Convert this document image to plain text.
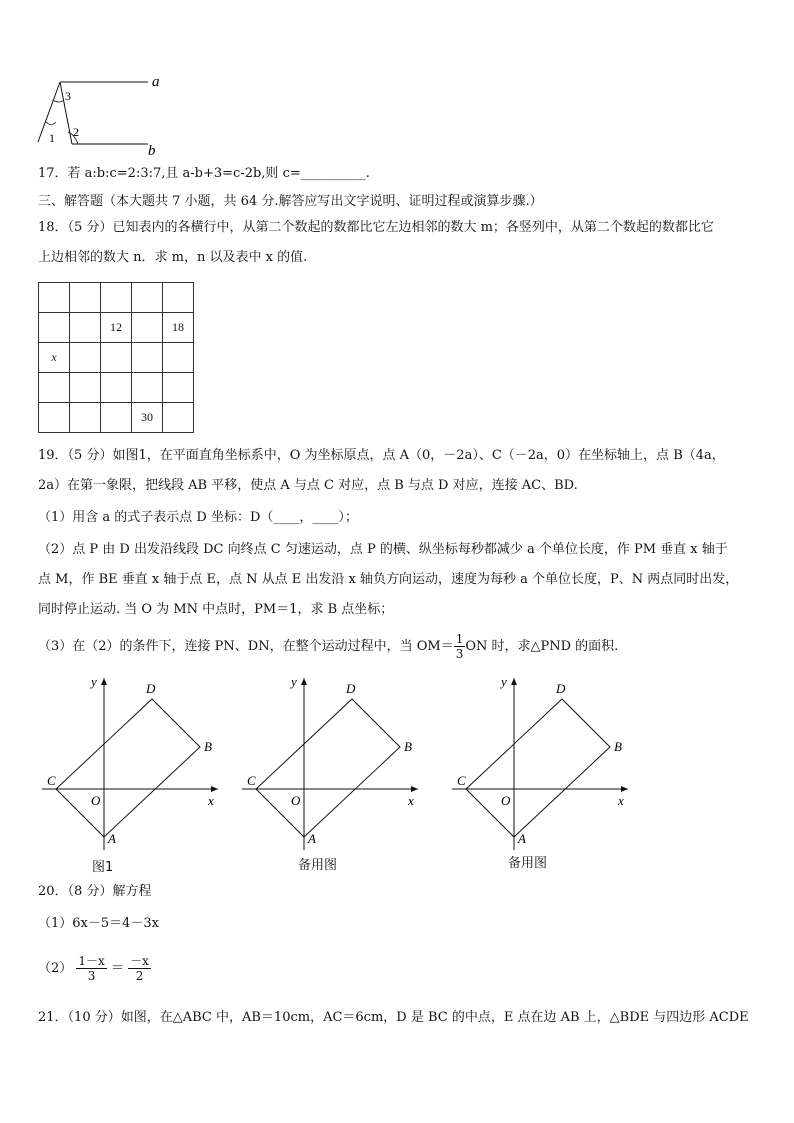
a
b
3
1 2
17．若 a:b:c=2:3:7,且 a-b+3=c-2b,则 c=__________.
三、解答题（本大题共 7 小题，共 64 分.解答应写出文字说明、证明过程或演算步骤.）
18．（5 分）已知表内的各横行中，从第二个数起的数都比它左边相邻的数大 m；各竖列中，从第二个数起的数都比它
上边相邻的数大 n．求 m，n 以及表中 x 的值.

		12		18
x				

			30	
19．（5 分）如图1，在平面直角坐标系中，O 为坐标原点，点 A（0，－2a）、C（－2a，0）在坐标轴上，点 B（4a，
2a）在第一象限，把线段 AB 平移，使点 A 与点 C 对应，点 B 与点 D 对应，连接 AC、BD.
（1）用含 a 的式子表示点 D 坐标：D（____，____）；
（2）点 P 由 D 出发沿线段 DC 向终点 C 匀速运动，点 P 的横、纵坐标每秒都减少 a 个单位长度，作 PM 垂直 x 轴于
点 M，作 BE 垂直 x 轴于点 E，点 N 从点 E 出发沿 x 轴负方向运动，速度为每秒 a 个单位长度，P、N 两点同时出发，
同时停止运动. 当 O 为 MN 中点时，PM＝1，求 B 点坐标；
（3）在（2）的条件下，连接 PN、DN，在整个运动过程中，当 $OM= \frac{1}{3}$ ON 时，求△PND 的面积.
x
y
O
A
B
C
D
x
y
O
A
B
C
D
x
y
O
A
B
C
D
图1	备用图	备用图
20．（8 分）解方程
（1）6x－5＝4－3x
$(2) \frac{1-x}{3} = \frac{-x}{2}$
21．（10 分）如图，在△ABC 中，AB＝10cm，AC＝6cm，D 是 BC 的中点，E 点在边 AB 上，△BDE 与四边形 ACDE
